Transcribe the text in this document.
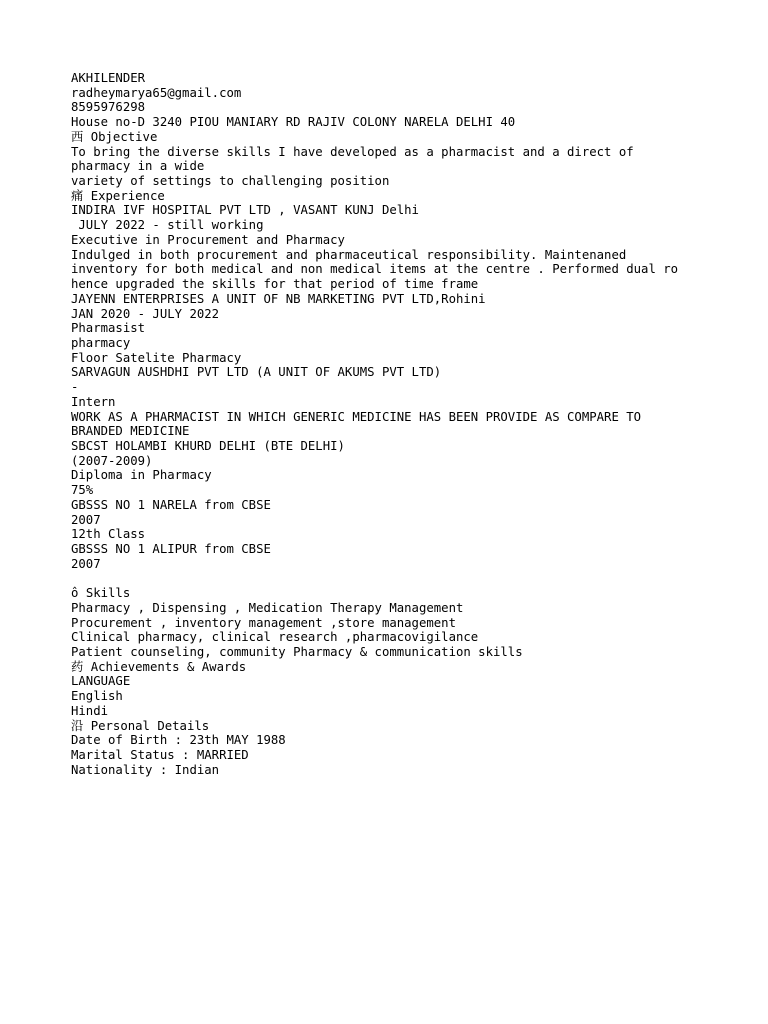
AKHILENDER
radheymarya65@gmail.com
8595976298
House no-D 3240 PIOU MANIARY RD RAJIV COLONY NARELA DELHI 40
西 Objective
To bring the diverse skills I have developed as a pharmacist and a direct of
pharmacy in a wide
variety of settings to challenging position
痛 Experience
INDIRA IVF HOSPITAL PVT LTD , VASANT KUNJ Delhi
JULY 2022 - still working
Executive in Procurement and Pharmacy
Indulged in both procurement and pharmaceutical responsibility. Maintenaned
inventory for both medical and non medical items at the centre . Performed dual ro
hence upgraded the skills for that period of time frame
JAYENN ENTERPRISES A UNIT OF NB MARKETING PVT LTD,Rohini
JAN 2020 - JULY 2022
Pharmasist
pharmacy
Floor Satelite Pharmacy
SARVAGUN AUSHDHI PVT LTD (A UNIT OF AKUMS PVT LTD)
-
Intern
WORK AS A PHARMACIST IN WHICH GENERIC MEDICINE HAS BEEN PROVIDE AS COMPARE TO
BRANDED MEDICINE
SBCST HOLAMBI KHURD DELHI (BTE DELHI)
(2007-2009)
Diploma in Pharmacy
75%
GBSSS NO 1 NARELA from CBSE
2007
12th Class
GBSSS NO 1 ALIPUR from CBSE
2007
ô Skills
Pharmacy , Dispensing , Medication Therapy Management
Procurement , inventory management ,store management
Clinical pharmacy, clinical research ,pharmacovigilance
Patient counseling, community Pharmacy & communication skills
药 Achievements & Awards
LANGUAGE
English
Hindi
沿 Personal Details
Date of Birth : 23th MAY 1988
Marital Status : MARRIED
Nationality : Indian
